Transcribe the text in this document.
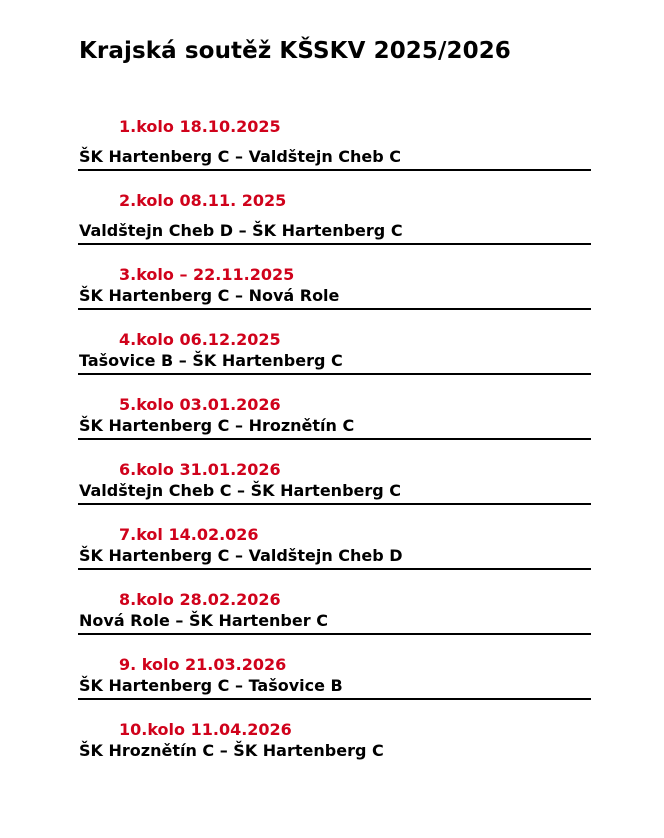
Krajská soutěž KŠSKV 2025/2026
1.kolo 18.10.2025
ŠK Hartenberg C – Valdštejn Cheb C
2.kolo 08.11. 2025
Valdštejn Cheb D – ŠK Hartenberg C
3.kolo – 22.11.2025
ŠK Hartenberg C – Nová Role
4.kolo 06.12.2025
Tašovice B – ŠK Hartenberg C
5.kolo 03.01.2026
ŠK Hartenberg C – Hroznětín C
6.kolo 31.01.2026
Valdštejn Cheb C – ŠK Hartenberg C
7.kol 14.02.026
ŠK Hartenberg C – Valdštejn Cheb D
8.kolo 28.02.2026
Nová Role – ŠK Hartenber C
9. kolo 21.03.2026
ŠK Hartenberg C – Tašovice B
10.kolo 11.04.2026
ŠK Hroznětín C – ŠK Hartenberg C
